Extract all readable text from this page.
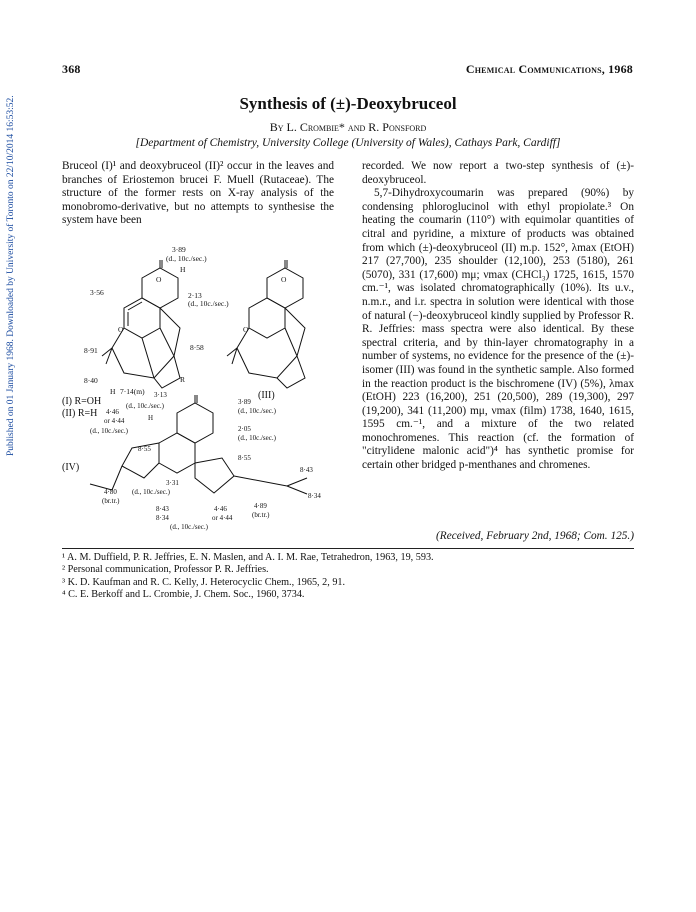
368	Chemical Communications, 1968
Synthesis of (±)-Deoxybruceol
By L. Crombie* and R. Ponsford
[Department of Chemistry, University College (University of Wales), Cathays Park, Cardiff]
Published on 01 January 1968. Downloaded by University of Toronto on 22/10/2014 16:53:52.	Bruceol (I)¹ and deoxybruceol (II)² occur in the leaves and branches of Eriostemon brucei F. Muell (Rutaceae). The structure of the former rests on X-ray analysis of the monobromo-derivative, but no attempts to synthesise the system have been

3·89
(d., 10c./sec.)
H
2·13
(d., 10c./sec.)
3·56
8·58
8·91
8·40
H 7·14(m)
R
O
O
O
O
(I) R=OH
(II) R=H
(III)
(IV)
3·13
(d., 10c./sec.)
H
3·89
(d., 10c./sec.)
4·46
or 4·44
(d., 10c./sec.)	2·05
(d., 10c./sec.)
8·55
8·55
3·31
(d., 10c./sec.)
8·43
8·34
4·80
(br.tr.)
4·46
or 4·44
4·89
(br.tr.)
8·43
8·34
(d., 10c./sec.)

recorded. We now report a two-step synthesis of (±)-deoxybruceol.

5,7-Dihydroxycoumarin was prepared (90%) by condensing phloroglucinol with ethyl propiolate.³ On heating the coumarin (110°) with equimolar quantities of citral and pyridine, a mixture of products was obtained from which (±)-deoxybruceol (II) m.p. 152°, λmax (EtOH) 217 (27,700), 235 shoulder (12,100), 253 (5180), 261 (5070), 331 (17,600) mμ; νmax (CHCl₃) 1725, 1615, 1570 cm.⁻¹, was isolated chromatographically (10%). Its u.v., n.m.r., and i.r. spectra in solution were identical with those of natural (−)-deoxybruceol kindly supplied by Professor R. R. Jeffries: mass spectra were also identical. By these spectral criteria, and by thin-layer chromatography in a number of systems, no evidence for the presence of the (±)-isomer (III) was found in the synthetic sample. Also formed in the reaction product is the bischromene (IV) (5%), λmax (EtOH) 223 (16,200), 251 (20,500), 289 (19,300), 297 (19,200), 341 (11,200) mμ, νmax (film) 1738, 1640, 1615, 1595 cm.⁻¹, and a mixture of the two related monochromenes. This reaction (cf. the formation of "citrylidene malonic acid")⁴ has synthetic promise for certain other bridged p-menthanes and chromenes.

(Received, February 2nd, 1968; Com. 125.)

¹ A. M. Duffield, P. R. Jeffries, E. N. Maslen, and A. I. M. Rae, Tetrahedron, 1963, 19, 593.

² Personal communication, Professor P. R. Jeffries.

³ K. D. Kaufman and R. C. Kelly, J. Heterocyclic Chem., 1965, 2, 91.

⁴ C. E. Berkoff and L. Crombie, J. Chem. Soc., 1960, 3734.
